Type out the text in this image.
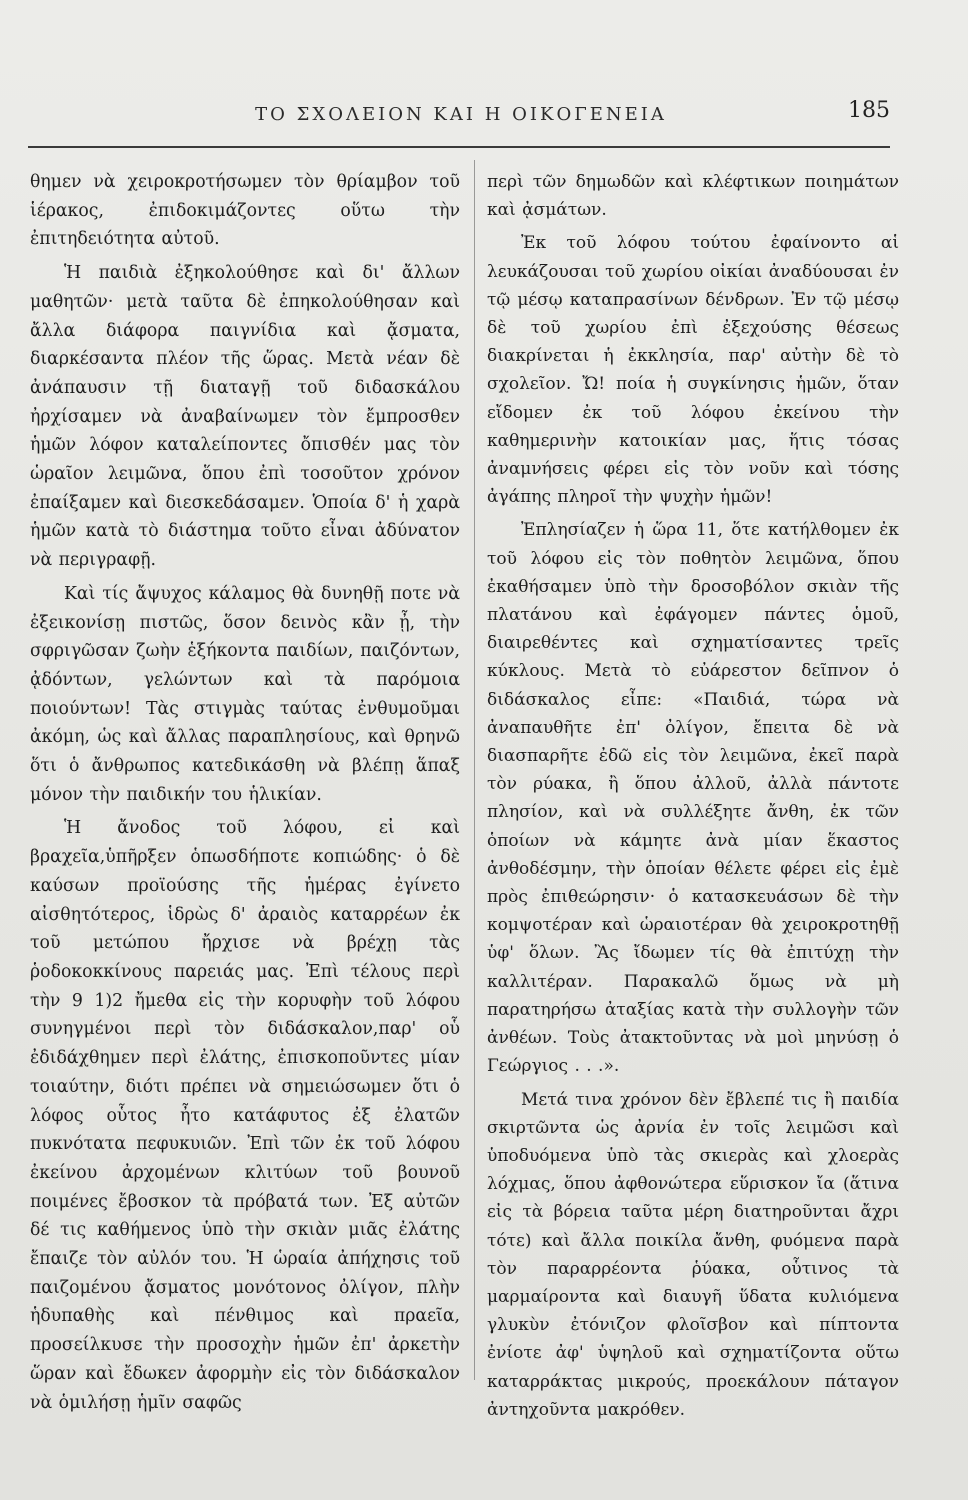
ΤΟ ΣΧΟΛΕΙΟΝ ΚΑΙ Η ΟΙΚΟΓΕΝΕΙΑ	185

θημεν νὰ χειροκροτήσωμεν τὸν θρίαμβον τοῦ ἱέρακος, ἐπιδοκιμάζοντες οὕτω τὴν ἐπιτηδειότητα αὐτοῦ.

Ἡ παιδιὰ ἐξηκολούθησε καὶ δι' ἄλλων μαθητῶν· μετὰ ταῦτα δὲ ἐπηκολούθησαν καὶ ἄλλα διάφορα παιγνίδια καὶ ᾄσματα, διαρκέσαντα πλέον τῆς ὥρας. Μετὰ νέαν δὲ ἀνάπαυσιν τῇ διαταγῇ τοῦ διδασκάλου ἠρχίσαμεν νὰ ἀναβαίνωμεν τὸν ἔμπροσθεν ἡμῶν λόφον καταλείποντες ὄπισθέν μας τὸν ὡραῖον λειμῶνα, ὅπου ἐπὶ τοσοῦτον χρόνον ἐπαίξαμεν καὶ διεσκεδάσαμεν. Ὁποία δ' ἡ χαρὰ ἡμῶν κατὰ τὸ διάστημα τοῦτο εἶναι ἀδύνατον νὰ περιγραφῇ.

Καὶ τίς ἄψυχος κάλαμος θὰ δυνηθῇ ποτε νὰ ἐξεικονίσῃ πιστῶς, ὅσον δεινὸς κἂν ᾖ, τὴν σφριγῶσαν ζωὴν ἑξήκοντα παιδίων, παιζόντων, ᾀδόντων, γελώντων καὶ τὰ παρόμοια ποιούντων! Τὰς στιγμὰς ταύτας ἐνθυμοῦμαι ἀκόμη, ὡς καὶ ἄλλας παραπλησίους, καὶ θρηνῶ ὅτι ὁ ἄνθρωπος κατεδικάσθη νὰ βλέπῃ ἅπαξ μόνον τὴν παιδικήν του ἡλικίαν.

Ἡ ἄνοδος τοῦ λόφου, εἰ καὶ βραχεῖα,ὑπῆρξεν ὁπωσδήποτε κοπιώδης· ὁ δὲ καύσων προϊούσης τῆς ἡμέρας ἐγίνετο αἰσθητότερος, ἱδρὼς δ' ἀραιὸς καταρρέων ἐκ τοῦ μετώπου ἤρχισε νὰ βρέχῃ τὰς ῥοδοκοκκίνους παρειάς μας. Ἐπὶ τέλους περὶ τὴν 9 1)2 ἤμεθα εἰς τὴν κορυφὴν τοῦ λόφου συνηγμένοι περὶ τὸν διδάσκαλον,παρ' οὗ ἐδιδάχθημεν περὶ ἐλάτης, ἐπισκοποῦντες μίαν τοιαύτην, διότι πρέπει νὰ σημειώσωμεν ὅτι ὁ λόφος οὗτος ἦτο κατάφυτος ἐξ ἐλατῶν πυκνότατα πεφυκυιῶν. Ἐπὶ τῶν ἐκ τοῦ λόφου ἐκείνου ἀρχομένων κλιτύων τοῦ βουνοῦ ποιμένες ἔβοσκον τὰ πρόβατά των. Ἐξ αὐτῶν δέ τις καθήμενος ὑπὸ τὴν σκιὰν μιᾶς ἐλάτης ἔπαιζε τὸν αὐλόν του. Ἡ ὡραία ἀπήχησις τοῦ παιζομένου ᾄσματος μονότονος ὀλίγον, πλὴν ἡδυπαθὴς καὶ πένθιμος καὶ πραεῖα, προσείλκυσε τὴν προσοχὴν ἡμῶν ἐπ' ἀρκετὴν ὥραν καὶ ἔδωκεν ἀφορμὴν εἰς τὸν διδάσκαλον νὰ ὁμιλήσῃ ἡμῖν σαφῶς

περὶ τῶν δημωδῶν καὶ κλέφτικων ποιημάτων καὶ ᾀσμάτων.

Ἐκ τοῦ λόφου τούτου ἐφαίνοντο αἱ λευκάζουσαι τοῦ χωρίου οἰκίαι ἀναδύουσαι ἐν τῷ μέσῳ καταπρασίνων δένδρων. Ἐν τῷ μέσῳ δὲ τοῦ χωρίου ἐπὶ ἐξεχούσης θέσεως διακρίνεται ἡ ἐκκλησία, παρ' αὐτὴν δὲ τὸ σχολεῖον. Ὤ! ποία ἡ συγκίνησις ἡμῶν, ὅταν εἴδομεν ἐκ τοῦ λόφου ἐκείνου τὴν καθημερινὴν κατοικίαν μας, ἥτις τόσας ἀναμνήσεις φέρει εἰς τὸν νοῦν καὶ τόσης ἀγάπης πληροῖ τὴν ψυχὴν ἡμῶν!

Ἐπλησίαζεν ἡ ὥρα 11, ὅτε κατήλθομεν ἐκ τοῦ λόφου εἰς τὸν ποθητὸν λειμῶνα, ὅπου ἐκαθήσαμεν ὑπὸ τὴν δροσοβόλον σκιὰν τῆς πλατάνου καὶ ἐφάγομεν πάντες ὁμοῦ, διαιρεθέντες καὶ σχηματίσαντες τρεῖς κύκλους. Μετὰ τὸ εὐάρεστον δεῖπνον ὁ διδάσκαλος εἶπε: «Παιδιά, τώρα νὰ ἀναπαυθῆτε ἐπ' ὀλίγον, ἔπειτα δὲ νὰ διασπαρῆτε ἐδῶ εἰς τὸν λειμῶνα, ἐκεῖ παρὰ τὸν ρύακα, ἢ ὅπου ἀλλοῦ, ἀλλὰ πάντοτε πλησίον, καὶ νὰ συλλέξητε ἄνθη, ἐκ τῶν ὁποίων νὰ κάμητε ἀνὰ μίαν ἕκαστος ἀνθοδέσμην, τὴν ὁποίαν θέλετε φέρει εἰς ἐμὲ πρὸς ἐπιθεώρησιν· ὁ κατασκευάσων δὲ τὴν κομψοτέραν καὶ ὡραιοτέραν θὰ χειροκροτηθῇ ὑφ' ὅλων. Ἂς ἴδωμεν τίς θὰ ἐπιτύχῃ τὴν καλλιτέραν. Παρακαλῶ ὅμως νὰ μὴ παρατηρήσω ἀταξίας κατὰ τὴν συλλογὴν τῶν ἀνθέων. Τοὺς ἀτακτοῦντας νὰ μοὶ μηνύσῃ ὁ Γεώργιος . . .».

Μετά τινα χρόνον δὲν ἔβλεπέ τις ἢ παιδία σκιρτῶντα ὡς ἀρνία ἐν τοῖς λειμῶσι καὶ ὑποδυόμενα ὑπὸ τὰς σκιερὰς καὶ χλοερὰς λόχμας, ὅπου ἀφθονώτερα εὕρισκον ἴα (ἅτινα εἰς τὰ βόρεια ταῦτα μέρη διατηροῦνται ἄχρι τότε) καὶ ἄλλα ποικίλα ἄνθη, φυόμενα παρὰ τὸν παραρρέοντα ῥύακα, οὗτινος τὰ μαρμαίροντα καὶ διαυγῆ ὕδατα κυλιόμενα γλυκὺν ἐτόνιζον φλοῖσβον καὶ πίπτοντα ἐνίοτε ἀφ' ὑψηλοῦ καὶ σχηματίζοντα οὕτω καταρράκτας μικρούς, προεκάλουν πάταγον ἀντηχοῦντα μακρόθεν.
